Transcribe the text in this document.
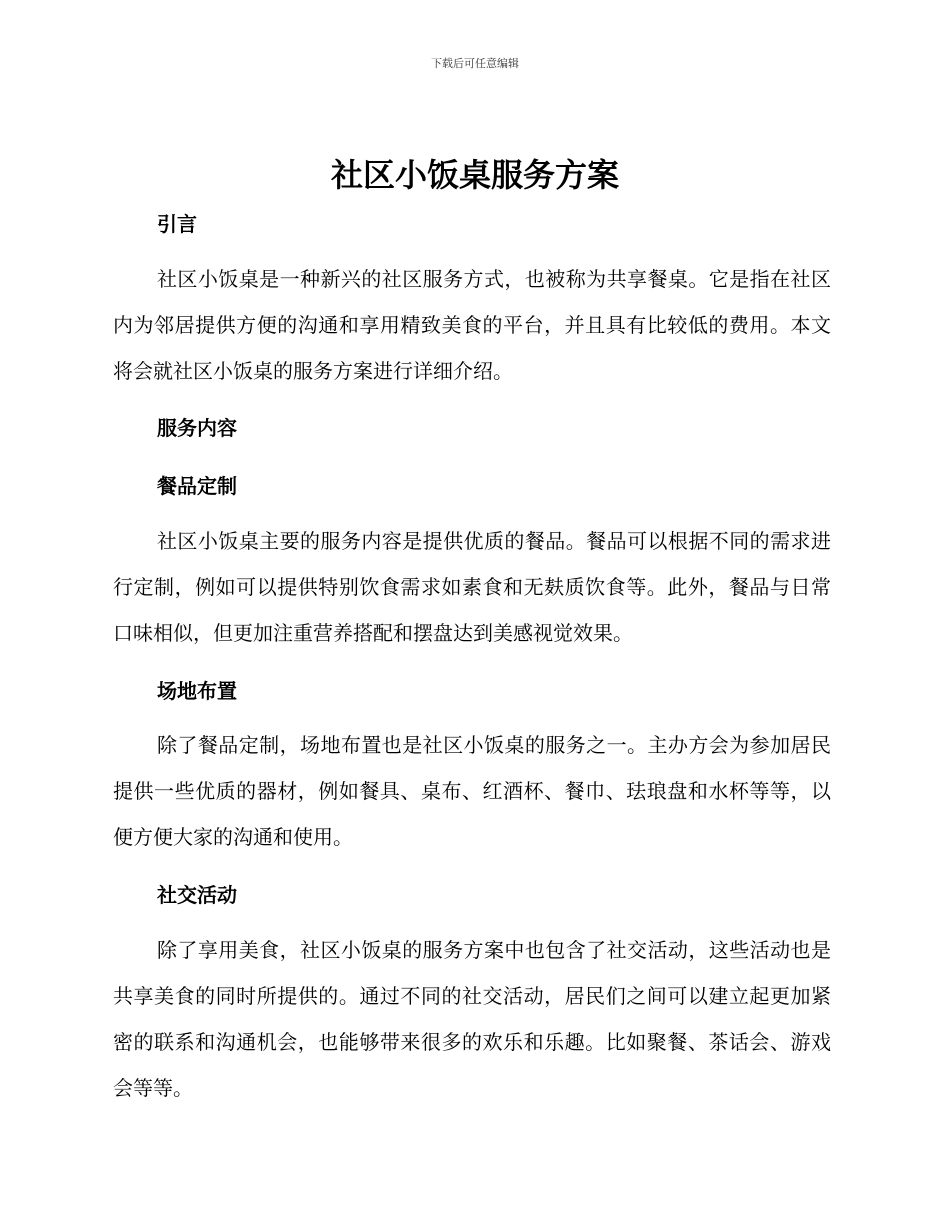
下载后可任意编辑
社区小饭桌服务方案
引言
社区小饭桌是一种新兴的社区服务方式，也被称为共享餐桌。它是指在社区内为邻居提供方便的沟通和享用精致美食的平台，并且具有比较低的费用。本文将会就社区小饭桌的服务方案进行详细介绍。
服务内容
餐品定制
社区小饭桌主要的服务内容是提供优质的餐品。餐品可以根据不同的需求进行定制，例如可以提供特别饮食需求如素食和无麸质饮食等。此外，餐品与日常口味相似，但更加注重营养搭配和摆盘达到美感视觉效果。
场地布置
除了餐品定制，场地布置也是社区小饭桌的服务之一。主办方会为参加居民提供一些优质的器材，例如餐具、桌布、红酒杯、餐巾、珐琅盘和水杯等等，以便方便大家的沟通和使用。
社交活动
除了享用美食，社区小饭桌的服务方案中也包含了社交活动，这些活动也是共享美食的同时所提供的。通过不同的社交活动，居民们之间可以建立起更加紧密的联系和沟通机会，也能够带来很多的欢乐和乐趣。比如聚餐、茶话会、游戏会等等。
